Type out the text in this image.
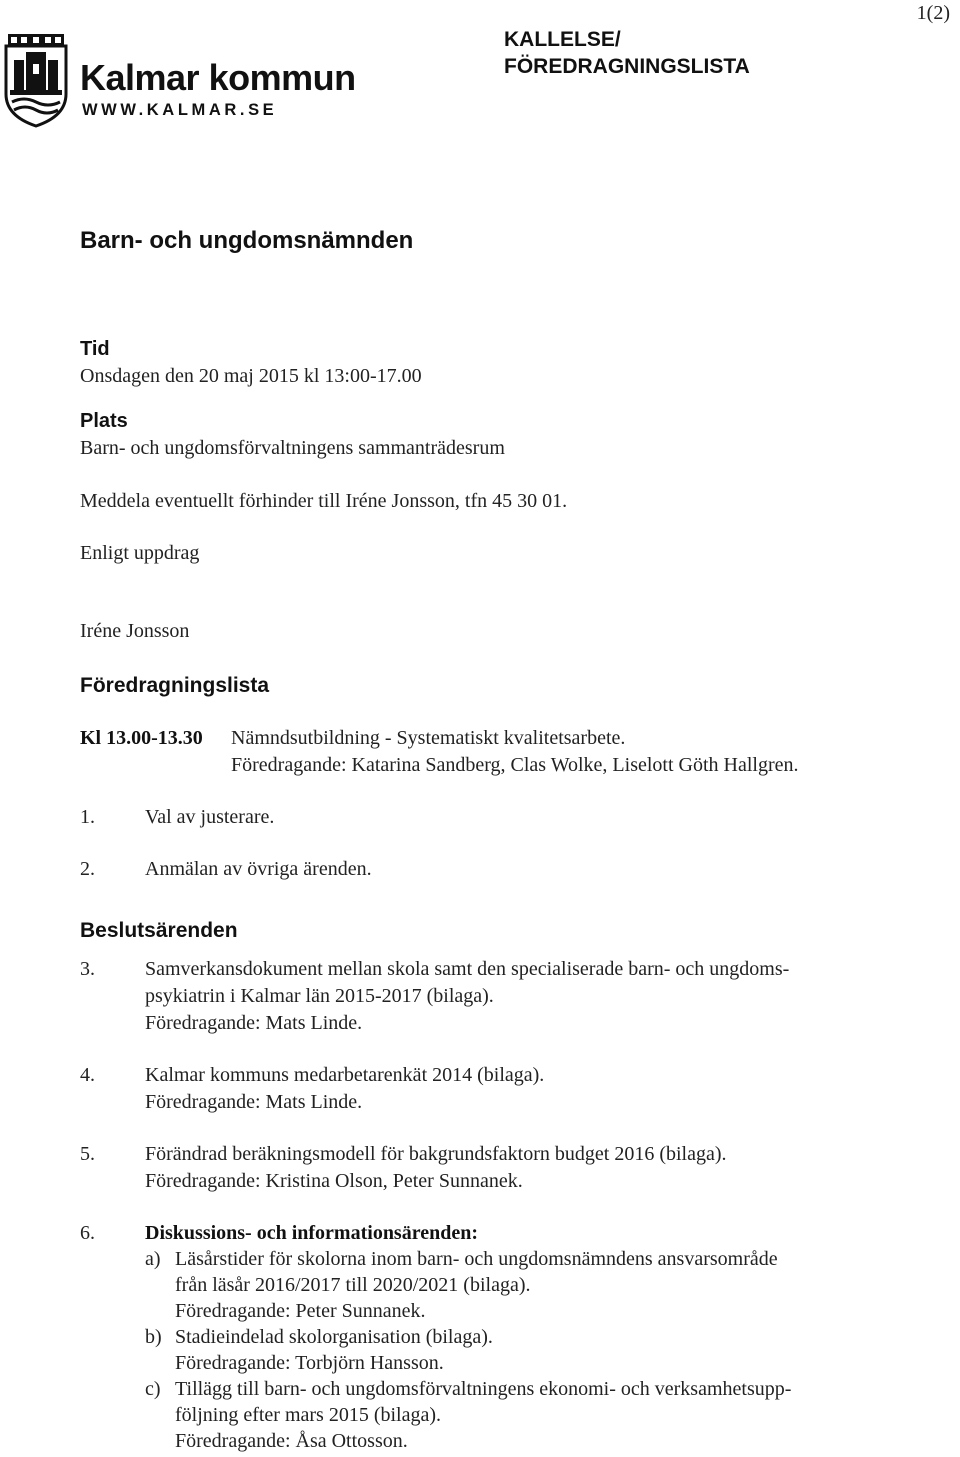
1(2)
Kalmar kommun
WWW.KALMAR.SE
KALLELSE/
FÖREDRAGNINGSLISTA
Barn- och ungdomsnämnden
Tid
Onsdagen den 20 maj 2015 kl 13:00-17.00
Plats
Barn- och ungdomsförvaltningens sammanträdesrum
Meddela eventuellt förhinder till Iréne Jonsson, tfn 45 30 01.
Enligt uppdrag
Iréne Jonsson
Föredragningslista
Kl 13.00-13.30 Nämndsutbildning - Systematiskt kvalitetsarbete.
Föredragande: Katarina Sandberg, Clas Wolke, Liselott Göth Hallgren.
1.	Val av justerare.
2.	Anmälan av övriga ärenden.
Beslutsärenden
3.	Samverkansdokument mellan skola samt den specialiserade barn- och ungdoms-
psykiatrin i Kalmar län 2015-2017 (bilaga).
Föredragande: Mats Linde.
4.	Kalmar kommuns medarbetarenkät 2014 (bilaga).
Föredragande: Mats Linde.
5.	Förändrad beräkningsmodell för bakgrundsfaktorn budget 2016 (bilaga).
Föredragande: Kristina Olson, Peter Sunnanek.
6.	Diskussions- och informationsärenden:
a) Läsårstider för skolorna inom barn- och ungdomsnämndens ansvarsområde
från läsår 2016/2017 till 2020/2021 (bilaga).
Föredragande: Peter Sunnanek.
b) Stadieindelad skolorganisation (bilaga).
Föredragande: Torbjörn Hansson.
c) Tillägg till barn- och ungdomsförvaltningens ekonomi- och verksamhetsupp-
följning efter mars 2015 (bilaga).
Föredragande: Åsa Ottosson.
